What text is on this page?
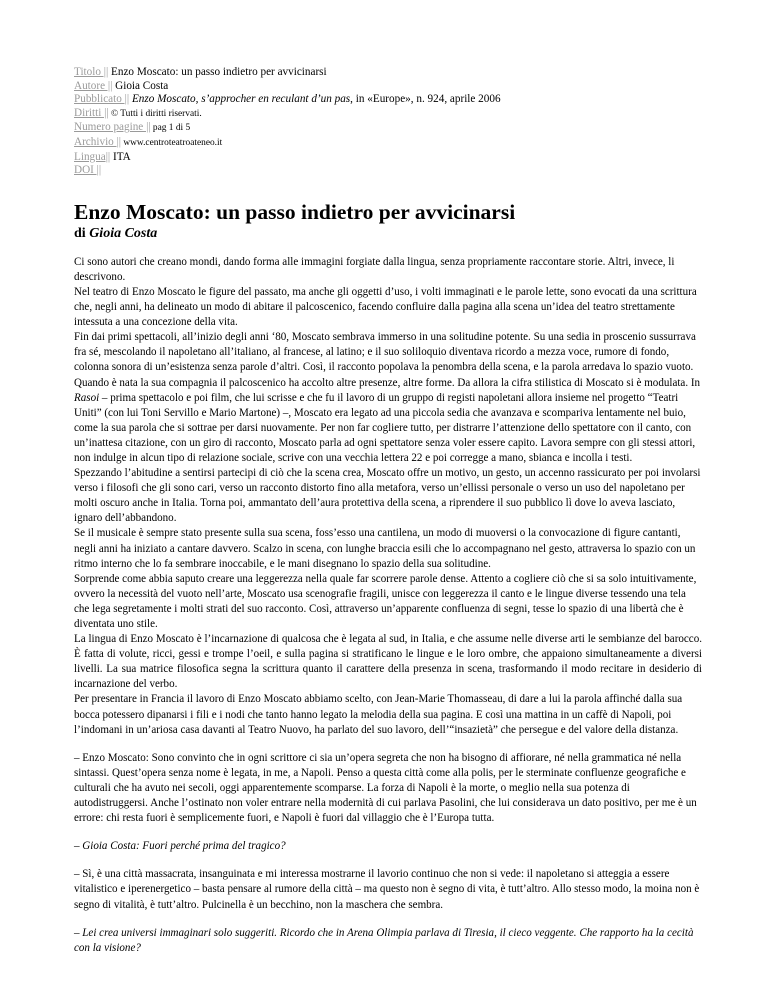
Titolo || Enzo Moscato: un passo indietro per avvicinarsi
Autore || Gioia Costa
Pubblicato || Enzo Moscato, s’approcher en reculant d’un pas, in «Europe», n. 924, aprile 2006
Diritti || © Tutti i diritti riservati.
Numero pagine || pag 1 di 5
Archivio || www.centroteatroateneo.it
Lingua|| ITA
DOI ||
Enzo Moscato: un passo indietro per avvicinarsi
di Gioia Costa

Ci sono autori che creano mondi, dando forma alle immagini forgiate dalla lingua, senza propriamente raccontare storie. Altri, invece, li descrivono.

Nel teatro di Enzo Moscato le figure del passato, ma anche gli oggetti d’uso, i volti immaginati e le parole lette, sono evocati da una scrittura che, negli anni, ha delineato un modo di abitare il palcoscenico, facendo confluire dalla pagina alla scena un’idea del teatro strettamente intessuta a una concezione della vita.

Fin dai primi spettacoli, all’inizio degli anni ‘80, Moscato sembrava immerso in una solitudine potente. Su una sedia in proscenio sussurrava fra sé, mescolando il napoletano all’italiano, al francese, al latino; e il suo soliloquio diventava ricordo a mezza voce, rumore di fondo, colonna sonora di un’esistenza senza parole d’altri. Così, il racconto popolava la penombra della scena, e la parola arredava lo spazio vuoto.

Quando è nata la sua compagnia il palcoscenico ha accolto altre presenze, altre forme. Da allora la cifra stilistica di Moscato si è modulata. In Rasoi – prima spettacolo e poi film, che lui scrisse e che fu il lavoro di un gruppo di registi napoletani allora insieme nel progetto “Teatri Uniti” (con lui Toni Servillo e Mario Martone) –, Moscato era legato ad una piccola sedia che avanzava e scompariva lentamente nel buio, come la sua parola che si sottrae per darsi nuovamente. Per non far cogliere tutto, per distrarre l’attenzione dello spettatore con il canto, con un’inattesa citazione, con un giro di racconto, Moscato parla ad ogni spettatore senza voler essere capito. Lavora sempre con gli stessi attori, non indulge in alcun tipo di relazione sociale, scrive con una vecchia lettera 22 e poi corregge a mano, sbianca e incolla i testi.

Spezzando l’abitudine a sentirsi partecipi di ciò che la scena crea, Moscato offre un motivo, un gesto, un accenno rassicurato per poi involarsi verso i filosofi che gli sono cari, verso un racconto distorto fino alla metafora, verso un’ellissi personale o verso un uso del napoletano per molti oscuro anche in Italia. Torna poi, ammantato dell’aura protettiva della scena, a riprendere il suo pubblico lì dove lo aveva lasciato, ignaro dell’abbandono.

Se il musicale è sempre stato presente sulla sua scena, foss’esso una cantilena, un modo di muoversi o la convocazione di figure cantanti, negli anni ha iniziato a cantare davvero. Scalzo in scena, con lunghe braccia esili che lo accompagnano nel gesto, attraversa lo spazio con un ritmo interno che lo fa sembrare inoccabile, e le mani disegnano lo spazio della sua solitudine.

Sorprende come abbia saputo creare una leggerezza nella quale far scorrere parole dense. Attento a cogliere ciò che si sa solo intuitivamente, ovvero la necessità del vuoto nell’arte, Moscato usa scenografie fragili, unisce con leggerezza il canto e le lingue diverse tessendo una tela che lega segretamente i molti strati del suo racconto. Così, attraverso un’apparente confluenza di segni, tesse lo spazio di una libertà che è diventata uno stile.

La lingua di Enzo Moscato è l’incarnazione di qualcosa che è legata al sud, in Italia, e che assume nelle diverse arti le sembianze del barocco. È fatta di volute, ricci, gessi e trompe l’oeil, e sulla pagina si stratificano le lingue e le loro ombre, che appaiono simultaneamente a diversi livelli. La sua matrice filosofica segna la scrittura quanto il carattere della presenza in scena, trasformando il modo recitare in desiderio di incarnazione del verbo.

Per presentare in Francia il lavoro di Enzo Moscato abbiamo scelto, con Jean-Marie Thomasseau, di dare a lui la parola affinché dalla sua bocca potessero dipanarsi i fili e i nodi che tanto hanno legato la melodia della sua pagina. E così una mattina in un caffè di Napoli, poi l’indomani in un’ariosa casa davanti al Teatro Nuovo, ha parlato del suo lavoro, dell’“insazietà” che persegue e del valore della distanza.

– Enzo Moscato: Sono convinto che in ogni scrittore ci sia un’opera segreta che non ha bisogno di affiorare, né nella grammatica né nella sintassi. Quest’opera senza nome è legata, in me, a Napoli. Penso a questa città come alla polis, per le sterminate confluenze geografiche e culturali che ha avuto nei secoli, oggi apparentemente scomparse. La forza di Napoli è la morte, o meglio nella sua potenza di autodistruggersi. Anche l’ostinato non voler entrare nella modernità di cui parlava Pasolini, che lui considerava un dato positivo, per me è un errore: chi resta fuori è semplicemente fuori, e Napoli è fuori dal villaggio che è l’Europa tutta.

– Gioia Costa: Fuori perché prima del tragico?

– Sì, è una città massacrata, insanguinata e mi interessa mostrarne il lavorio continuo che non si vede: il napoletano si atteggia a essere vitalistico e iperenergetico – basta pensare al rumore della città – ma questo non è segno di vita, è tutt’altro. Allo stesso modo, la moina non è segno di vitalità, è tutt’altro. Pulcinella è un becchino, non la maschera che sembra.

– Lei crea universi immaginari solo suggeriti. Ricordo che in Arena Olimpia parlava di Tiresia, il cieco veggente. Che rapporto ha la cecità con la visione?
